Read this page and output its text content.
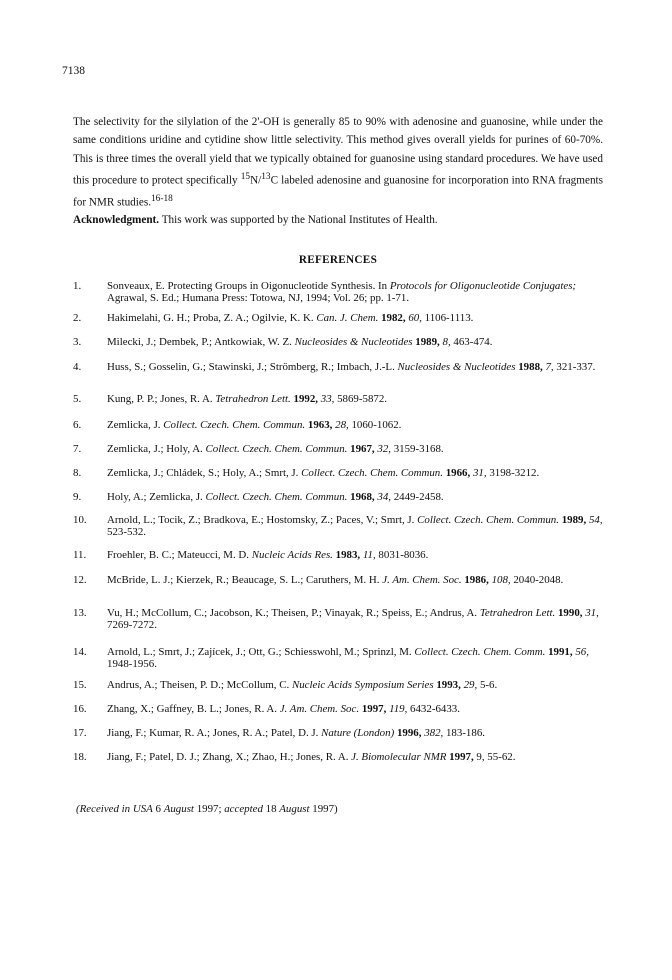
7138

The selectivity for the silylation of the 2'-OH is generally 85 to 90% with adenosine and guanosine, while under the same conditions uridine and cytidine show little selectivity. This method gives overall yields for purines of 60-70%. This is three times the overall yield that we typically obtained for guanosine using standard procedures. We have used this procedure to protect specifically $^{15}$N/$^{13}$C labeled adenosine and guanosine for incorporation into RNA fragments for NMR studies.$^{16-18}$

Acknowledgment. This work was supported by the National Institutes of Health.

REFERENCES
1. Sonveaux, E. Protecting Groups in Oigonucleotide Synthesis. In Protocols for Oligonucleotide Conjugates; Agrawal, S. Ed.; Humana Press: Totowa, NJ, 1994; Vol. 26; pp. 1-71.
2. Hakimelahi, G. H.; Proba, Z. A.; Ogilvie, K. K. Can. J. Chem. 1982, 60, 1106-1113.
3. Milecki, J.; Dembek, P.; Antkowiak, W. Z. Nucleosides & Nucleotides 1989, 8, 463-474.
4. Huss, S.; Gosselin, G.; Stawinski, J.; Strömberg, R.; Imbach, J.-L. Nucleosides & Nucleotides 1988, 7, 321-337.
5. Kung, P. P.; Jones, R. A. Tetrahedron Lett. 1992, 33, 5869-5872.
6. Zemlicka, J. Collect. Czech. Chem. Commun. 1963, 28, 1060-1062.
7. Zemlicka, J.; Holy, A. Collect. Czech. Chem. Commun. 1967, 32, 3159-3168.
8. Zemlicka, J.; Chládek, S.; Holy, A.; Smrt, J. Collect. Czech. Chem. Commun. 1966, 31, 3198-3212.
9. Holy, A.; Zemlicka, J. Collect. Czech. Chem. Commun. 1968, 34, 2449-2458.
10. Arnold, L.; Tocik, Z.; Bradkova, E.; Hostomsky, Z.; Paces, V.; Smrt, J. Collect. Czech. Chem. Commun. 1989, 54, 523-532.
11. Froehler, B. C.; Mateucci, M. D. Nucleic Acids Res. 1983, 11, 8031-8036.
12. McBride, L. J.; Kierzek, R.; Beaucage, S. L.; Caruthers, M. H. J. Am. Chem. Soc. 1986, 108, 2040-2048.
13. Vu, H.; McCollum, C.; Jacobson, K.; Theisen, P.; Vinayak, R.; Speiss, E.; Andrus, A. Tetrahedron Lett. 1990, 31, 7269-7272.
14. Arnold, L.; Smrt, J.; Zajícek, J.; Ott, G.; Schiesswohl, M.; Sprinzl, M. Collect. Czech. Chem. Comm. 1991, 56, 1948-1956.
15. Andrus, A.; Theisen, P. D.; McCollum, C. Nucleic Acids Symposium Series 1993, 29, 5-6.
16. Zhang, X.; Gaffney, B. L.; Jones, R. A. J. Am. Chem. Soc. 1997, 119, 6432-6433.
17. Jiang, F.; Kumar, R. A.; Jones, R. A.; Patel, D. J. Nature (London) 1996, 382, 183-186.
18. Jiang, F.; Patel, D. J.; Zhang, X.; Zhao, H.; Jones, R. A. J. Biomolecular NMR 1997, 9, 55-62.
(Received in USA 6 August 1997; accepted 18 August 1997)
